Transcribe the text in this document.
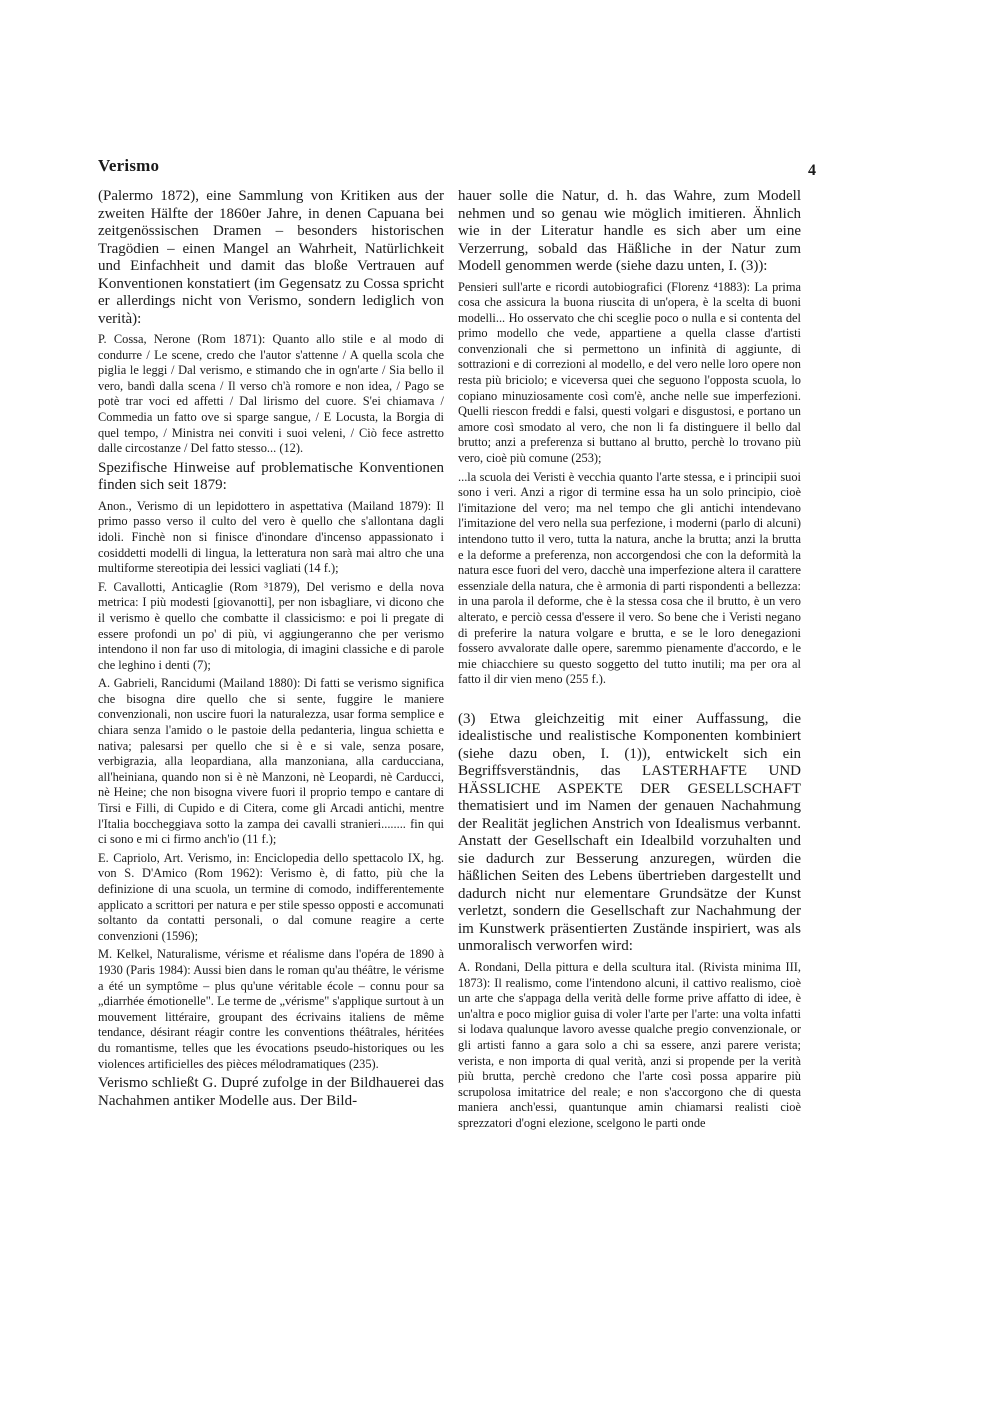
Verismo	4

(Palermo 1872), eine Sammlung von Kritiken aus der zweiten Hälfte der 1860er Jahre, in denen Capuana bei zeitgenössischen Dramen – besonders historischen Tragödien – einen Mangel an Wahrheit, Natürlichkeit und Einfachheit und damit das bloße Vertrauen auf Konventionen konstatiert (im Gegensatz zu Cossa spricht er allerdings nicht von Verismo, sondern lediglich von verità):

P. Cossa, Nerone (Rom 1871): Quanto allo stile e al modo di condurre / Le scene, credo che l'autor s'attenne / A quella scola che piglia le leggi / Dal verismo, e stimando che in ogn'arte / Sia bello il vero, bandì dalla scena / Il verso ch'à romore e non idea, / Pago se potè trar voci ed affetti / Dal lirismo del cuore. S'ei chiamava / Commedia un fatto ove si sparge sangue, / E Locusta, la Borgia di quel tempo, / Ministra nei conviti i suoi veleni, / Ciò fece astretto dalle circostanze / Del fatto stesso... (12).

Spezifische Hinweise auf problematische Konventionen finden sich seit 1879:

Anon., Verismo di un lepidottero in aspettativa (Mailand 1879): Il primo passo verso il culto del vero è quello che s'allontana dagli idoli. Finchè non si finisce d'inondare d'incenso appassionato i cosiddetti modelli di lingua, la letteratura non sarà mai altro che una multiforme stereotipia dei lessici vagliati (14 f.);

F. Cavallotti, Anticaglie (Rom ³1879), Del verismo e della nova metrica: I più modesti [giovanotti], per non isbagliare, vi dicono che il verismo è quello che combatte il classicismo: e poi li pregate di essere profondi un po' di più, vi aggiungeranno che per verismo intendono il non far uso di mitologia, di imagini classiche e di parole che leghino i denti (7);

A. Gabrieli, Rancidumi (Mailand 1880): Di fatti se verismo significa che bisogna dire quello che si sente, fuggire le maniere convenzionali, non uscire fuori la naturalezza, usar forma semplice e chiara senza l'amido o le pastoie della pedanteria, lingua schietta e nativa; palesarsi per quello che si è e si vale, senza posare, verbigrazia, alla leopardiana, alla manzoniana, alla carducciana, all'heiniana, quando non si è nè Manzoni, nè Leopardi, nè Carducci, nè Heine; che non bisogna vivere fuori il proprio tempo e cantare di Tirsi e Filli, di Cupido e di Citera, come gli Arcadi antichi, mentre l'Italia boccheggiava sotto la zampa dei cavalli stranieri........ fin qui ci sono e mi ci firmo anch'io (11 f.);

E. Capriolo, Art. Verismo, in: Enciclopedia dello spettacolo IX, hg. von S. D'Amico (Rom 1962): Verismo è, di fatto, più che la definizione di una scuola, un termine di comodo, indifferentemente applicato a scrittori per natura e per stile spesso opposti e accomunati soltanto da contatti personali, o dal comune reagire a certe convenzioni (1596);

M. Kelkel, Naturalisme, vérisme et réalisme dans l'opéra de 1890 à 1930 (Paris 1984): Aussi bien dans le roman qu'au théâtre, le vérisme a été un symptôme – plus qu'une véritable école – connu pour sa „diarrhée émotionelle". Le terme de „vérisme" s'applique surtout à un mouvement littéraire, groupant des écrivains italiens de même tendance, désirant réagir contre les conventions théâtrales, héritées du romantisme, telles que les évocations pseudo-historiques ou les violences artificielles des pièces mélodramatiques (235).

Verismo schließt G. Dupré zufolge in der Bildhauerei das Nachahmen antiker Modelle aus. Der Bild-

hauer solle die Natur, d. h. das Wahre, zum Modell nehmen und so genau wie möglich imitieren. Ähnlich wie in der Literatur handle es sich aber um eine Verzerrung, sobald das Häßliche in der Natur zum Modell genommen werde (siehe dazu unten, I. (3)):

Pensieri sull'arte e ricordi autobiografici (Florenz ⁴1883): La prima cosa che assicura la buona riuscita di un'opera, è la scelta di buoni modelli... Ho osservato che chi sceglie poco o nulla e si contenta del primo modello che vede, appartiene a quella classe d'artisti convenzionali che si permettono un infinità di aggiunte, di sottrazioni e di correzioni al modello, e del vero nelle loro opere non resta più briciolo; e viceversa quei che seguono l'opposta scuola, lo copiano minuziosamente così com'è, anche nelle sue imperfezioni. Quelli riescon freddi e falsi, questi volgari e disgustosi, e portano un amore così smodato al vero, che non li fa distinguere il bello dal brutto; anzi a preferenza si buttano al brutto, perchè lo trovano più vero, cioè più comune (253);

...la scuola dei Veristi è vecchia quanto l'arte stessa, e i principii suoi sono i veri. Anzi a rigor di termine essa ha un solo principio, cioè l'imitazione del vero; ma nel tempo che gli antichi intendevano l'imitazione del vero nella sua perfezione, i moderni (parlo di alcuni) intendono tutto il vero, tutta la natura, anche la brutta; anzi la brutta e la deforme a preferenza, non accorgendosi che con la deformità la natura esce fuori del vero, dacchè una imperfezione altera il carattere essenziale della natura, che è armonia di parti rispondenti a bellezza: in una parola il deforme, che è la stessa cosa che il brutto, è un vero alterato, e perciò cessa d'essere il vero. So bene che i Veristi negano di preferire la natura volgare e brutta, e se le loro denegazioni fossero avvalorate dalle opere, saremmo pienamente d'accordo, e le mie chiacchiere su questo soggetto del tutto inutili; ma per ora al fatto il dir vien meno (255 f.).

(3) Etwa gleichzeitig mit einer Auffassung, die idealistische und realistische Komponenten kombiniert (siehe dazu oben, I. (1)), entwickelt sich ein Begriffsverständnis, das LASTERHAFTE UND HÄSSLICHE ASPEKTE DER GESELLSCHAFT thematisiert und im Namen der genauen Nachahmung der Realität jeglichen Anstrich von Idealismus verbannt. Anstatt der Gesellschaft ein Idealbild vorzuhalten und sie dadurch zur Besserung anzuregen, würden die häßlichen Seiten des Lebens übertrieben dargestellt und dadurch nicht nur elementare Grundsätze der Kunst verletzt, sondern die Gesellschaft zur Nachahmung der im Kunstwerk präsentierten Zustände inspiriert, was als unmoralisch verworfen wird:

A. Rondani, Della pittura e della scultura ital. (Rivista minima III, 1873): Il realismo, come l'intendono alcuni, il cattivo realismo, cioè un arte che s'appaga della verità delle forme prive affatto di idee, è un'altra e poco miglior guisa di voler l'arte per l'arte: una volta infatti si lodava qualunque lavoro avesse qualche pregio convenzionale, or gli artisti fanno a gara solo a chi sa essere, anzi parere verista; verista, e non importa di qual verità, anzi si propende per la verità più brutta, perchè credono che l'arte così possa apparire più scrupolosa imitatrice del reale; e non s'accorgono che di questa maniera anch'essi, quantunque amin chiamarsi realisti cioè sprezzatori d'ogni elezione, scelgono le parti onde
